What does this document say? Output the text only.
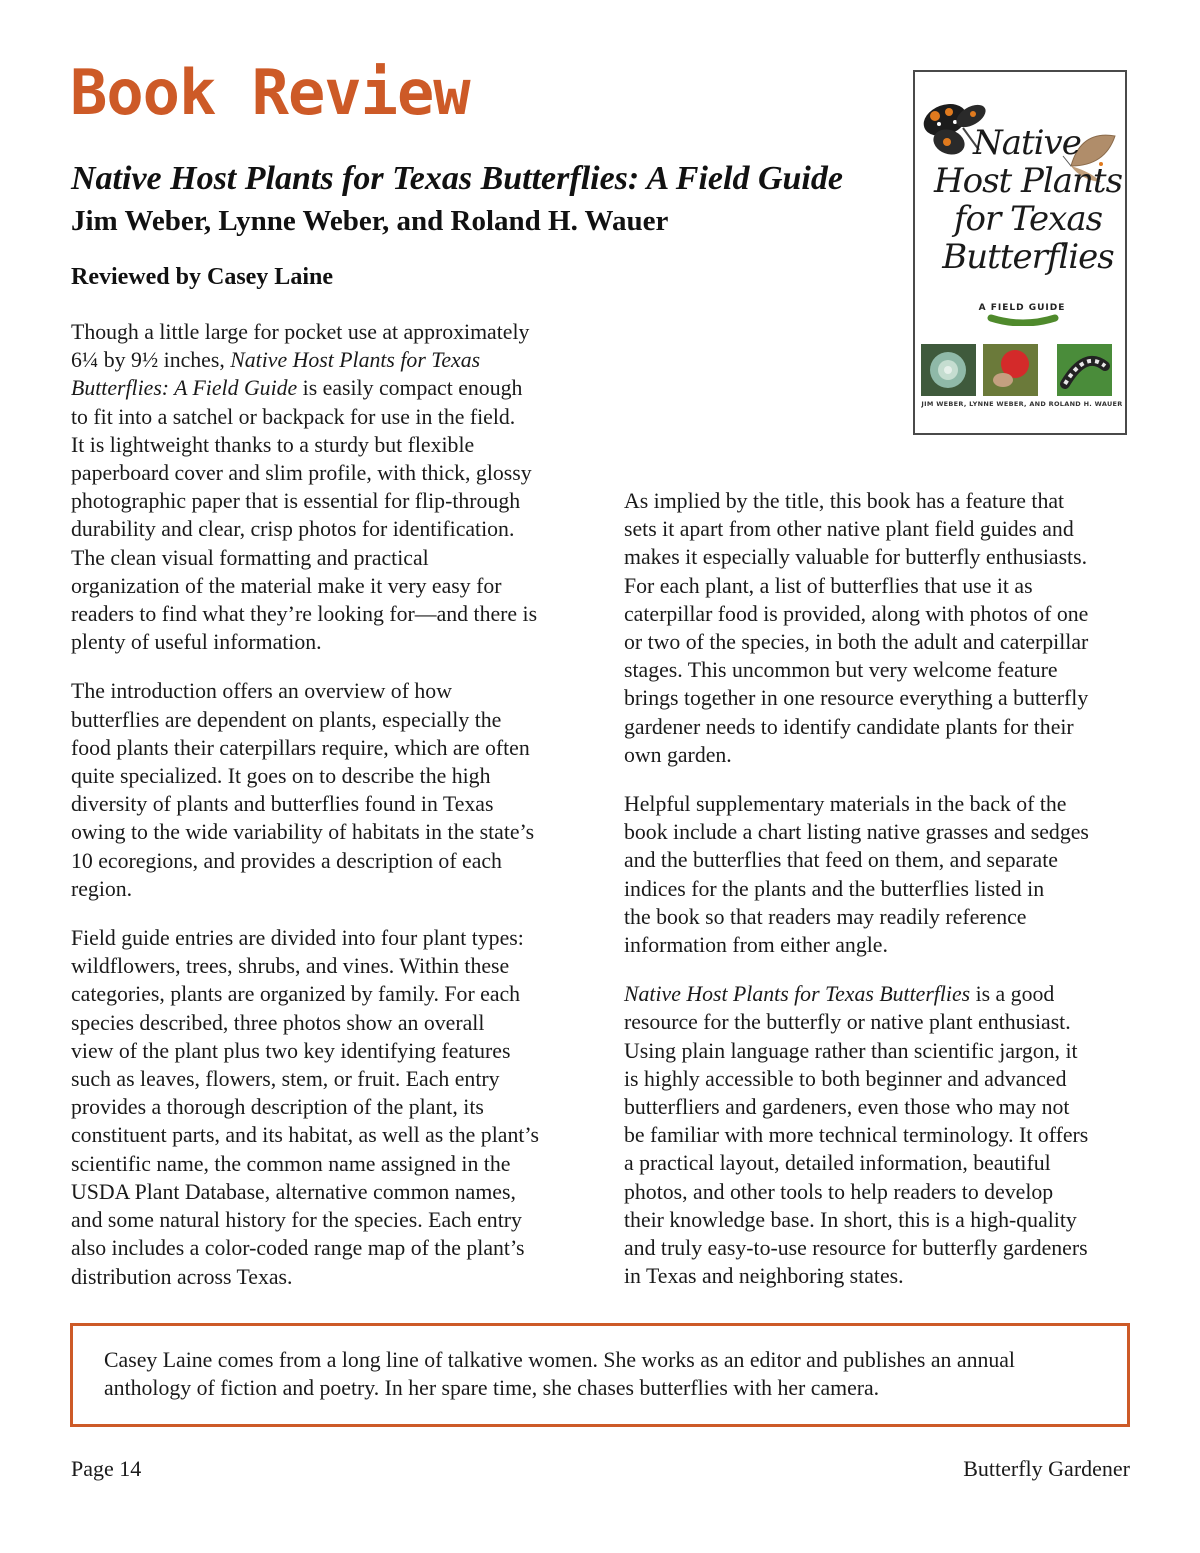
Book Review
Native Host Plants for Texas Butterflies: A Field Guide
Jim Weber, Lynne Weber, and Roland H. Wauer
Reviewed by Casey Laine

Though a little large for pocket use at approximately
6¼ by 9½ inches, Native Host Plants for Texas
Butterflies: A Field Guide is easily compact enough
to fit into a satchel or backpack for use in the field.
It is lightweight thanks to a sturdy but flexible
paperboard cover and slim profile, with thick, glossy
photographic paper that is essential for flip-through
durability and clear, crisp photos for identification.
The clean visual formatting and practical
organization of the material make it very easy for
readers to find what they’re looking for—and there is
plenty of useful information.

The introduction offers an overview of how
butterflies are dependent on plants, especially the
food plants their caterpillars require, which are often
quite specialized. It goes on to describe the high
diversity of plants and butterflies found in Texas
owing to the wide variability of habitats in the state’s
10 ecoregions, and provides a description of each
region.

Field guide entries are divided into four plant types:
wildflowers, trees, shrubs, and vines. Within these
categories, plants are organized by family. For each
species described, three photos show an overall
view of the plant plus two key identifying features
such as leaves, flowers, stem, or fruit. Each entry
provides a thorough description of the plant, its
constituent parts, and its habitat, as well as the plant’s
scientific name, the common name assigned in the
USDA Plant Database, alternative common names,
and some natural history for the species. Each entry
also includes a color-coded range map of the plant’s
distribution across Texas.

As implied by the title, this book has a feature that
sets it apart from other native plant field guides and
makes it especially valuable for butterfly enthusiasts.
For each plant, a list of butterflies that use it as
caterpillar food is provided, along with photos of one
or two of the species, in both the adult and caterpillar
stages. This uncommon but very welcome feature
brings together in one resource everything a butterfly
gardener needs to identify candidate plants for their
own garden.

Helpful supplementary materials in the back of the
book include a chart listing native grasses and sedges
and the butterflies that feed on them, and separate
indices for the plants and the butterflies listed in
the book so that readers may readily reference
information from either angle.

Native Host Plants for Texas Butterflies is a good
resource for the butterfly or native plant enthusiast.
Using plain language rather than scientific jargon, it
is highly accessible to both beginner and advanced
butterfliers and gardeners, even those who may not
be familiar with more technical terminology. It offers
a practical layout, detailed information, beautiful
photos, and other tools to help readers to develop
their knowledge base. In short, this is a high-quality
and truly easy-to-use resource for butterfly gardeners
in Texas and neighboring states.

Native
Host Plants
for Texas
Butterflies
A FIELD GUIDE
JIM WEBER, LYNNE WEBER, AND ROLAND H. WAUER
Casey Laine comes from a long line of talkative women. She works as an editor and publishes an annual
anthology of fiction and poetry. In her spare time, she chases butterflies with her camera.
Page 14	Butterfly Gardener
